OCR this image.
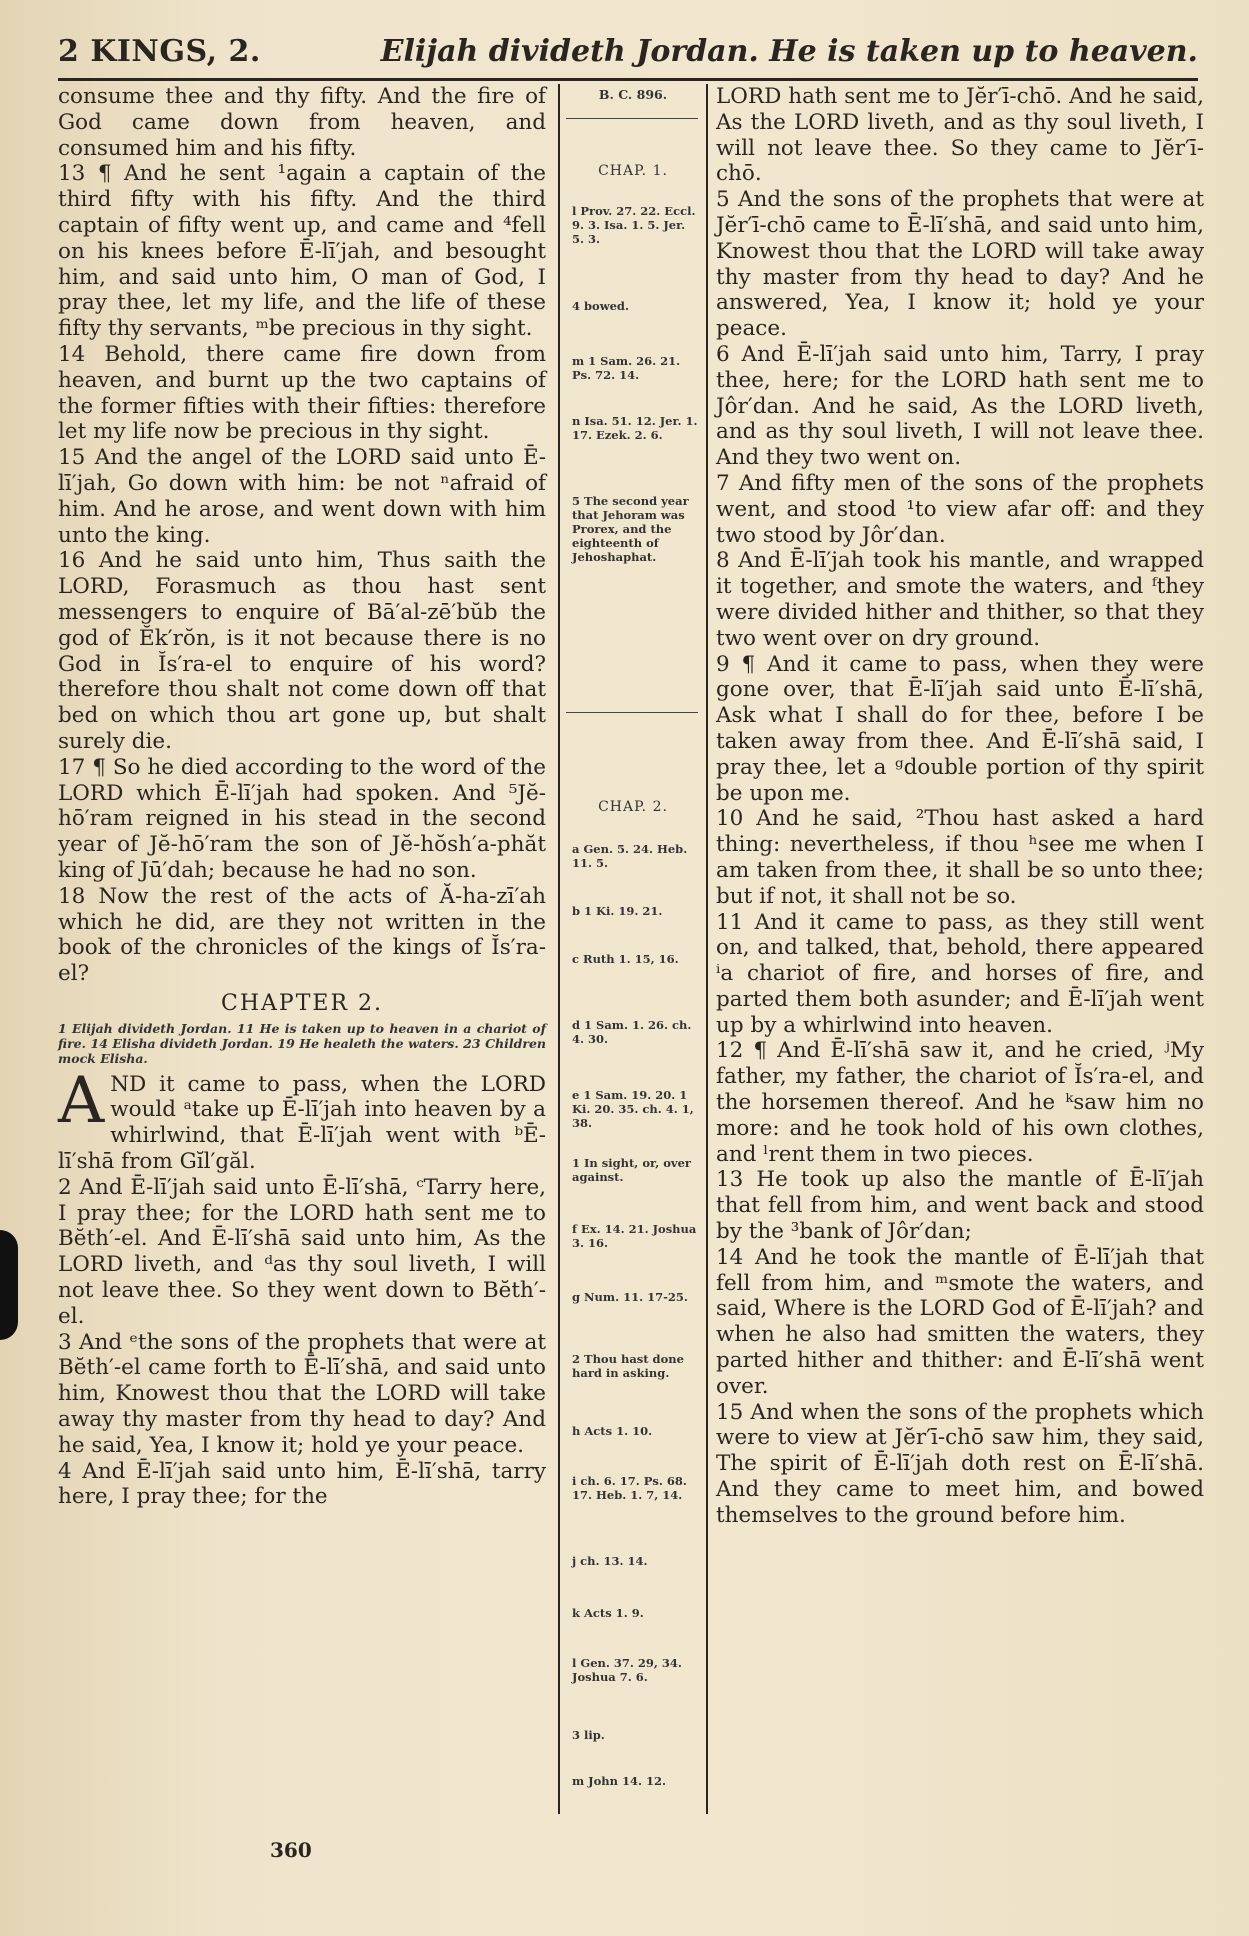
2 KINGS, 2.	Elijah divideth Jordan. He is taken up to heaven.

consume thee and thy fifty. And the fire of God came down from heaven, and consumed him and his fifty.

13 ¶ And he sent ¹again a captain of the third fifty with his fifty. And the third captain of fifty went up, and came and ⁴fell on his knees before Ē-lī′jah, and besought him, and said unto him, O man of God, I pray thee, let my life, and the life of these fifty thy servants, ᵐbe precious in thy sight.

14 Behold, there came fire down from heaven, and burnt up the two captains of the former fifties with their fifties: therefore let my life now be precious in thy sight.

15 And the angel of the LORD said unto Ē-lī′jah, Go down with him: be not ⁿafraid of him. And he arose, and went down with him unto the king.

16 And he said unto him, Thus saith the LORD, Forasmuch as thou hast sent messengers to enquire of Bā′al-zē′bŭb the god of Ĕk′rŏn, is it not because there is no God in Ĭs′ra-el to enquire of his word? therefore thou shalt not come down off that bed on which thou art gone up, but shalt surely die.

17 ¶ So he died according to the word of the LORD which Ē-lī′jah had spoken. And ⁵Jĕ-hō′ram reigned in his stead in the second year of Jĕ-hō′ram the son of Jĕ-hŏsh′a-phăt king of Jū′dah; because he had no son.

18 Now the rest of the acts of Ă-ha-zī′ah which he did, are they not written in the book of the chronicles of the kings of Ĭs′ra-el?

CHAPTER 2.
1 Elijah divideth Jordan. 11 He is taken up to heaven in a chariot of fire. 14 Elisha divideth Jordan. 19 He healeth the waters. 23 Children mock Elisha.

A ND it came to pass, when the LORD would ᵃtake up Ē-lī′jah into heaven by a whirlwind, that Ē-lī′jah went with ᵇĒ-lī′shā from Gĭl′găl.

2 And Ē-lī′jah said unto Ē-lī′shā, ᶜTarry here, I pray thee; for the LORD hath sent me to Bĕth′-el. And Ē-lī′shā said unto him, As the LORD liveth, and ᵈas thy soul liveth, I will not leave thee. So they went down to Bĕth′-el.

3 And ᵉthe sons of the prophets that were at Bĕth′-el came forth to Ē-lī′shā, and said unto him, Knowest thou that the LORD will take away thy master from thy head to day? And he said, Yea, I know it; hold ye your peace.

4 And Ē-lī′jah said unto him, Ē-lī′shā, tarry here, I pray thee; for the

B. C. 896.
CHAP. 1.
l Prov. 27. 22. Eccl. 9. 3. Isa. 1. 5. Jer. 5. 3.
4 bowed.
m 1 Sam. 26. 21. Ps. 72. 14.
n Isa. 51. 12. Jer. 1. 17. Ezek. 2. 6.
5 The second year that Jehoram was Prorex, and the eighteenth of Jehoshaphat.
CHAP. 2.
a Gen. 5. 24. Heb. 11. 5.
b 1 Ki. 19. 21.
c Ruth 1. 15, 16.
d 1 Sam. 1. 26. ch. 4. 30.
e 1 Sam. 19. 20. 1 Ki. 20. 35. ch. 4. 1, 38.
1 In sight, or, over against.
f Ex. 14. 21. Joshua 3. 16.
g Num. 11. 17-25.
2 Thou hast done hard in asking.
h Acts 1. 10.
i ch. 6. 17. Ps. 68. 17. Heb. 1. 7, 14.
j ch. 13. 14.
k Acts 1. 9.
l Gen. 37. 29, 34. Joshua 7. 6.
3 lip.
m John 14. 12.

LORD hath sent me to Jĕr′ī-chō. And he said, As the LORD liveth, and as thy soul liveth, I will not leave thee. So they came to Jĕr′ī-chō.

5 And the sons of the prophets that were at Jĕr′ī-chō came to Ē-lī′shā, and said unto him, Knowest thou that the LORD will take away thy master from thy head to day? And he answered, Yea, I know it; hold ye your peace.

6 And Ē-lī′jah said unto him, Tarry, I pray thee, here; for the LORD hath sent me to Jôr′dan. And he said, As the LORD liveth, and as thy soul liveth, I will not leave thee. And they two went on.

7 And fifty men of the sons of the prophets went, and stood ¹to view afar off: and they two stood by Jôr′dan.

8 And Ē-lī′jah took his mantle, and wrapped it together, and smote the waters, and ᶠthey were divided hither and thither, so that they two went over on dry ground.

9 ¶ And it came to pass, when they were gone over, that Ē-lī′jah said unto Ē-lī′shā, Ask what I shall do for thee, before I be taken away from thee. And Ē-lī′shā said, I pray thee, let a ᵍdouble portion of thy spirit be upon me.

10 And he said, ²Thou hast asked a hard thing: nevertheless, if thou ʰsee me when I am taken from thee, it shall be so unto thee; but if not, it shall not be so.

11 And it came to pass, as they still went on, and talked, that, behold, there appeared ⁱa chariot of fire, and horses of fire, and parted them both asunder; and Ē-lī′jah went up by a whirlwind into heaven.

12 ¶ And Ē-lī′shā saw it, and he cried, ʲMy father, my father, the chariot of Ĭs′ra-el, and the horsemen thereof. And he ᵏsaw him no more: and he took hold of his own clothes, and ˡrent them in two pieces.

13 He took up also the mantle of Ē-lī′jah that fell from him, and went back and stood by the ³bank of Jôr′dan;

14 And he took the mantle of Ē-lī′jah that fell from him, and ᵐsmote the waters, and said, Where is the LORD God of Ē-lī′jah? and when he also had smitten the waters, they parted hither and thither: and Ē-lī′shā went over.

15 And when the sons of the prophets which were to view at Jĕr′ī-chō saw him, they said, The spirit of Ē-lī′jah doth rest on Ē-lī′shā. And they came to meet him, and bowed themselves to the ground before him.

360
